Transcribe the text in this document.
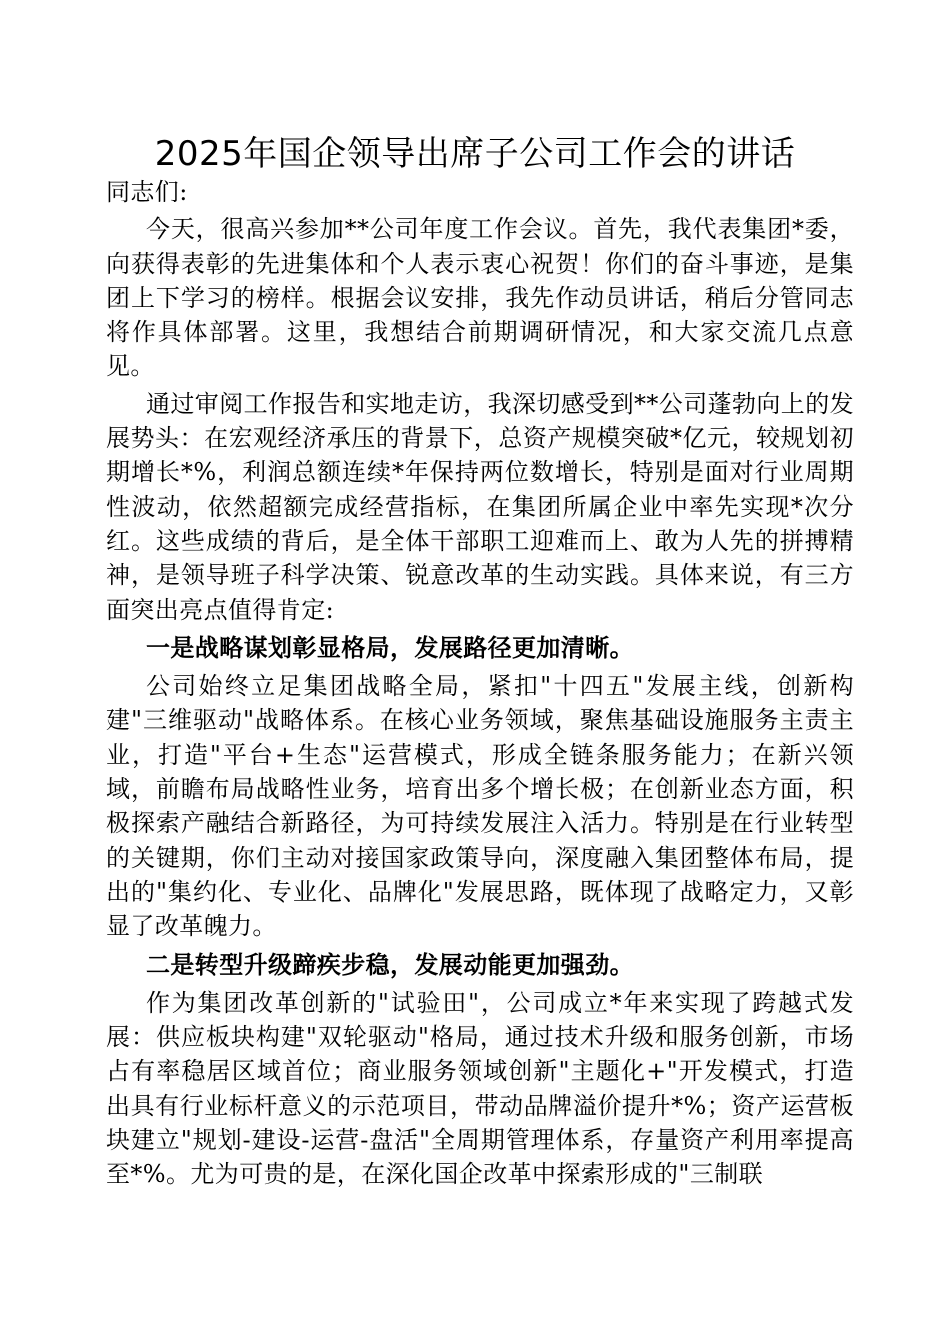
2025年国企领导出席子公司工作会的讲话

同志们:

今天，很高兴参加**公司年度工作会议。首先，我代表集团*委，向获得表彰的先进集体和个人表示衷心祝贺！你们的奋斗事迹，是集团上下学习的榜样。根据会议安排，我先作动员讲话，稍后分管同志将作具体部署。这里，我想结合前期调研情况，和大家交流几点意见。

通过审阅工作报告和实地走访，我深切感受到**公司蓬勃向上的发展势头：在宏观经济承压的背景下，总资产规模突破*亿元，较规划初期增长*%，利润总额连续*年保持两位数增长，特别是面对行业周期性波动，依然超额完成经营指标，在集团所属企业中率先实现*次分红。这些成绩的背后，是全体干部职工迎难而上、敢为人先的拼搏精神，是领导班子科学决策、锐意改革的生动实践。具体来说，有三方面突出亮点值得肯定:

一是战略谋划彰显格局，发展路径更加清晰。

公司始终立足集团战略全局，紧扣"十四五"发展主线，创新构建"三维驱动"战略体系。在核心业务领域，聚焦基础设施服务主责主业，打造"平台+生态"运营模式，形成全链条服务能力；在新兴领域，前瞻布局战略性业务，培育出多个增长极；在创新业态方面，积极探索产融结合新路径，为可持续发展注入活力。特别是在行业转型的关键期，你们主动对接国家政策导向，深度融入集团整体布局，提出的"集约化、专业化、品牌化"发展思路，既体现了战略定力，又彰显了改革魄力。

二是转型升级蹄疾步稳，发展动能更加强劲。

作为集团改革创新的"试验田"，公司成立*年来实现了跨越式发展：供应板块构建"双轮驱动"格局，通过技术升级和服务创新，市场占有率稳居区域首位；商业服务领域创新"主题化+"开发模式，打造出具有行业标杆意义的示范项目，带动品牌溢价提升*%；资产运营板块建立"规划-建设-运营-盘活"全周期管理体系，存量资产利用率提高至*%。尤为可贵的是，在深化国企改革中探索形成的"三制联
